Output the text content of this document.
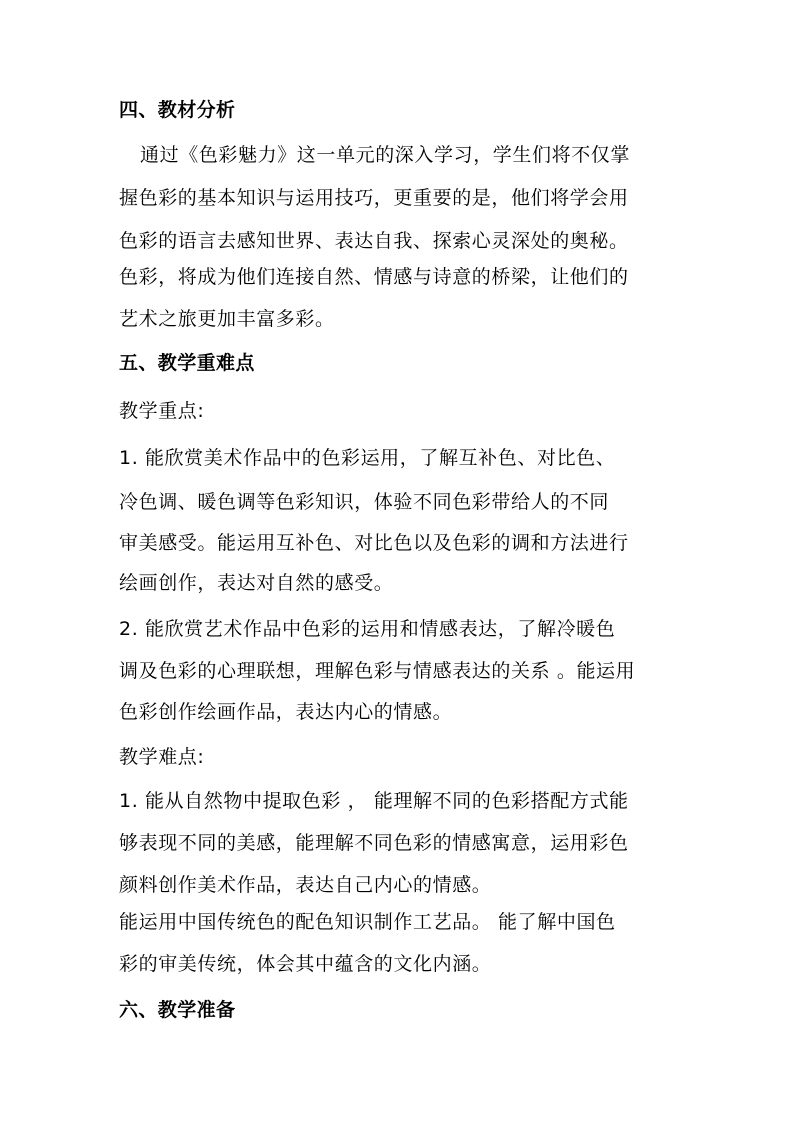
四、教材分析
通过《色彩魅力》这一单元的深入学习，学生们将不仅掌
握色彩的基本知识与运用技巧，更重要的是，他们将学会用
色彩的语言去感知世界、表达自我、探索心灵深处的奥秘。
色彩，将成为他们连接自然、情感与诗意的桥梁，让他们的
艺术之旅更加丰富多彩。
五、教学重难点
教学重点:
1. 能欣赏美术作品中的色彩运用，了解互补色、对比色、
冷色调、暖色调等色彩知识，体验不同色彩带给人的不同
审美感受。能运用互补色、对比色以及色彩的调和方法进行
绘画创作，表达对自然的感受。
2. 能欣赏艺术作品中色彩的运用和情感表达，了解冷暖色
调及色彩的心理联想，理解色彩与情感表达的关系 。能运用
色彩创作绘画作品，表达内心的情感。
教学难点:
1. 能从自然物中提取色彩 ， 能理解不同的色彩搭配方式能
够表现不同的美感，能理解不同色彩的情感寓意，运用彩色
颜料创作美术作品，表达自己内心的情感。
能运用中国传统色的配色知识制作工艺品。 能了解中国色
彩的审美传统，体会其中蕴含的文化内涵。
六、教学准备
